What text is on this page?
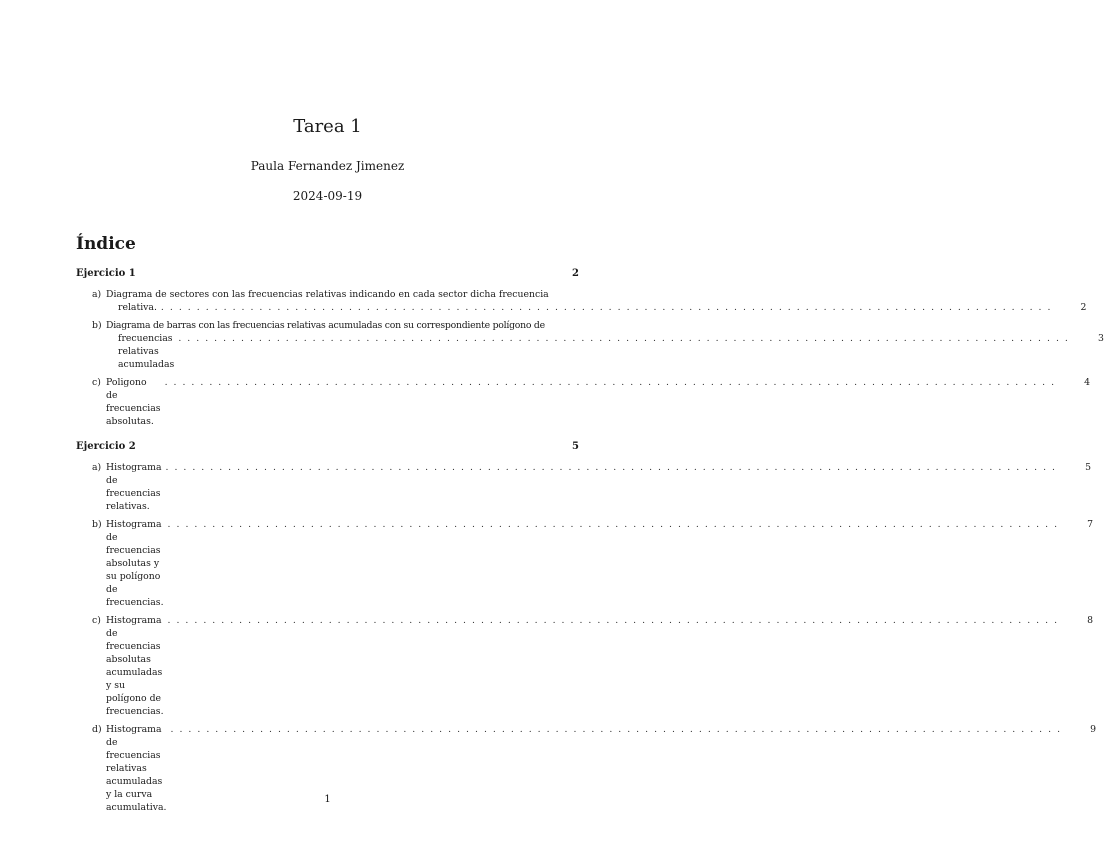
Tarea 1
Paula Fernandez Jimenez
2024-09-19
Índice
Ejercicio 1	2
a) Diagrama de sectores con las frecuencias relativas indicando en cada sector dicha frecuencia
relativa. ....................................................................................................	2
b) Diagrama de barras con las frecuencias relativas acumuladas con su correspondiente polígono de
frecuencias relativas acumuladas
....................................................................................................	3
c) Poligono de frecuencias absolutas.
....................................................................................................	4
Ejercicio 2	5
a) Histograma de frecuencias relativas.
....................................................................................................	5
b) Histograma de frecuencias absolutas y su polígono de frecuencias.
....................................................................................................	7
c) Histograma de frecuencias absolutas acumuladas y su polígono de frecuencias.
....................................................................................................	8
d) Histograma de frecuencias relativas acumuladas y la curva acumulativa.
....................................................................................................	9
1
